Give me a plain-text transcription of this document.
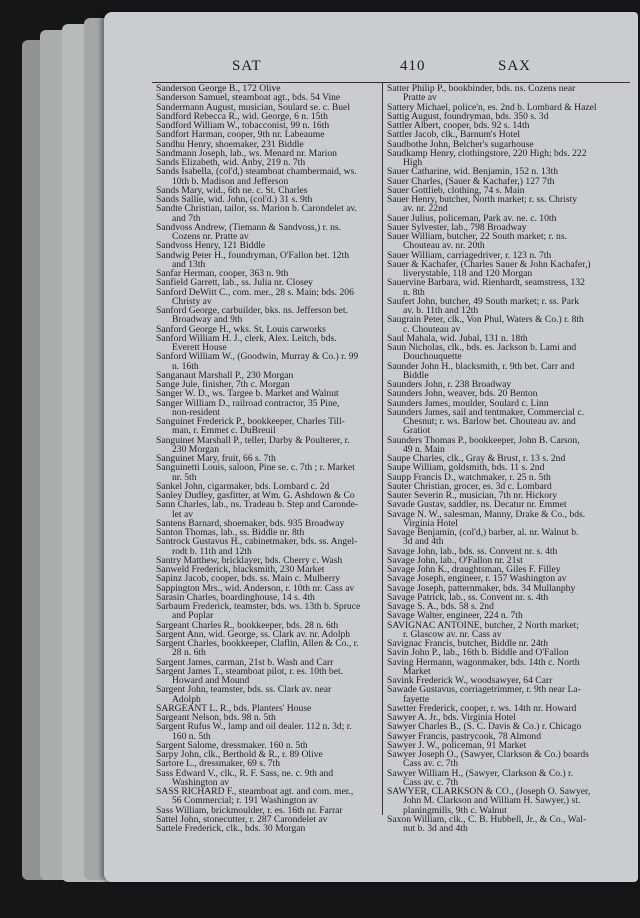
SAT	410	SAX
Sanderson George B., 172 Olive
Sanderson Samuel, steamboat agt., bds. 54 Vine
Sandermann August, musician, Soulard se. c. Buel
Sandford Rebecca R., wid. George, 6 n. 15th
Sandford William W., tobacconist, 99 n. 16th
Sandfort Harman, cooper, 9th nr. Labeaume
Sandhu Henry, shoemaker, 231 Biddle
Sandmann Joseph, lab., ws. Menard nr. Marion
Sands Elizabeth, wid. Anby, 219 n. 7th
Sands Isabella, (col'd,) steamboat chambermaid, ws.
10th b. Madison and Jefferson
Sands Mary, wid., 6th ne. c. St. Charles
Sands Sallie, wid. John, (col'd.) 31 s. 9th
Sandte Christian, tailor, ss. Marion b. Carondelet av.
and 7th
Sandvoss Andrew, (Tiemann & Sandvoss,) r. ns.
Cozens nr. Pratte av
Sandvoss Henry, 121 Biddle
Sandwig Peter H., foundryman, O'Fallon bet. 12th
and 13th
Sanfar Herman, cooper, 363 n. 9th
Sanfield Garrett, lab., ss. Julia nr. Closey
Sanford DeWitt C., com. mer., 28 s. Main; bds. 206
Christy av
Sanford George, carbuilder, bks. ns. Jefferson bet.
Broadway and 9th
Sanford George H., wks. St. Louis carworks
Sanford William H. J., clerk, Alex. Leitch, bds.
Everett House
Sanford William W., (Goodwin, Murray & Co.) r. 99
n. 16th
Sanganaut Marshall P., 230 Morgan
Sange Jule, finisher, 7th c. Morgan
Sanger W. D., ws. Targee b. Market and Walnut
Sanger William D., railroad contractor, 35 Pine,
non-resident
Sanguinet Frederick P., bookkeeper, Charles Till-
man, r. Emmet c. DuBreuil
Sanguinet Marshall P., teller, Darby & Poulterer, r.
230 Morgan
Sanguinet Mary, fruit, 66 s. 7th
Sanguinetti Louis, saloon, Pine se. c. 7th ; r. Market
nr. 5th
Sankel John, cigarmaker, bds. Lombard c. 2d
Sanley Dudley, gasfitter, at Wm. G. Ashdown & Co
Sann Charles, lab., ns. Tradeau b. Step and Caronde-
let av
Santens Barnard, shoemaker, bds. 935 Broadway
Santon Thomas, lab., ss. Biddle nr. 8th
Santrock Gustavus H., cabinetmaker, bds. ss. Angel-
rodt b. 11th and 12th
Santry Matthew, bricklayer, bds. Cherry c. Wash
Sanweld Frederick, blacksmith, 230 Market
Sapinz Jacob, cooper, bds. ss. Main c. Mulberry
Sappington Mrs., wid. Anderson, r. 10th nr. Cass av
Sarasin Charles, boardinghouse, 14 s. 4th
Sarbaum Frederick, teamster, bds. ws. 13th b. Spruce
and Poplar
Sargeant Charles R., bookkeeper, bds. 28 n. 6th
Sargent Ann, wid. George, ss. Clark av. nr. Adolph
Sargent Charles, bookkeeper, Claflin, Allen & Co., r.
28 n. 6th
Sargent James, carman, 21st b. Wash and Carr
Sargent James T., steamboat pilot, r. es. 10th bet.
Howard and Mound
Sargent John, teamster, bds. ss. Clark av. near
Adolph
SARGEANT L. R., bds. Planters' House
Sargeant Nelson, bds. 98 n. 5th
Sargent Rufus W., lamp and oil dealer. 112 n. 3d; r.
160 n. 5th
Sargent Salome, dressmaker. 160 n. 5th
Sarpy John, clk., Berthold & R., r. 89 Olive
Sartore L., dressmaker, 69 s. 7th
Sass Edward V., clk., R. F. Sass, ne. c. 9th and
Washington av
SASS RICHARD F., steamboat agt. and com. mer.,
56 Commercial; r. 191 Washington av
Sass William, brickmoulder, r. es. 16th nr. Farrar
Sattel John, stonecutter, r. 287 Carondelet av
Sattele Frederick, clk., bds. 30 Morgan
Satter Philip P., bookbinder, bds. ns. Cozens near
Pratte av
Sattery Michael, police'n, es. 2nd b. Lombard & Hazel
Sattig August, foundryman, bds. 350 s. 3d
Sattler Albert, cooper, bds. 92 s. 14th
Sattler Jacob, clk., Barnum's Hotel
Saudbothe John, Belcher's sugarhouse
Saudkamp Henry, clothingstore, 220 High; bds. 222
High
Sauer Catharine, wid. Benjamin, 152 n. 13th
Sauer Charles, (Sauer & Kachafer,) 127 7th
Sauer Gottlieb, clothing, 74 s. Main
Sauer Henry, butcher, North market; r. ss. Christy
av. nr. 22nd
Sauer Julius, policeman, Park av. ne. c. 10th
Sauer Sylvester, lab., 798 Broadway
Sauer William, butcher, 22 South market; r. ns.
Chouteau av. nr. 20th
Sauer William, carriagedriver, r. 123 n. 7th
Sauer & Kachafer, (Charles Sauer & John Kachafer,)
liverystable, 118 and 120 Morgan
Sauervine Barbara, wid. Rienhardt, seamstress, 132
n. 8th
Saufert John, butcher, 49 South market; r. ss. Park
av. b. 11th and 12th
Saugrain Peter, clk., Von Phul, Waters & Co.) r. 8th
c. Chouteau av
Saul Mahala, wid. Jubal, 131 n. 18th
Saun Nicholas, clk., bds. es. Jackson b. Lami and
Douchouquette
Saunder John H., blacksmith, r. 9th bet. Carr and
Biddle
Saunders John, r. 238 Broadway
Saunders John, weaver, bds. 20 Benton
Saunders James, moulder, Soulard c. Linn
Saunders James, sail and tentmaker, Commercial c.
Chesnut; r. ws. Barlow bet. Chouteau av. and
Gratiot
Saunders Thomas P., bookkeeper, John B. Carson,
49 n. Main
Saupe Charles, clk., Gray & Brust, r. 13 s. 2nd
Saupe William, goldsmith, bds. 11 s. 2nd
Saupp Francis D., watchmaker, r. 25 n. 5th
Sauter Christian, grocer, es. 3d c. Lombard
Sauter Severin R., musician, 7th nr. Hickory
Savade Gustav, saddler, ns. Decatur nr. Emmet
Savage N. W., salesman, Manny, Drake & Co., bds.
Virginia Hotel
Savage Benjamin, (col'd,) barber, al. nr. Walnut b.
3d and 4th
Savage John, lab., bds. ss. Convent nr. s. 4th
Savage John, lab., O'Fallon nr. 21st
Savage John K., draughtsman, Giles F. Filley
Savage Joseph, engineer, r. 157 Washington av
Savage Joseph, patternmaker, bds. 34 Mullanphy
Savage Patrick, lab., ss. Convent nr. s. 4th
Savage S. A., bds. 58 s. 2nd
Savage Walter, engineer, 224 n. 7th
SAVIGNAC ANTOINE, butcher, 2 North market;
r. Glascow av. nr. Cass av
Savignac Francis, butcher, Biddle nr. 24th
Savin John P., lab., 16th b. Biddle and O'Fallon
Saving Hermann, wagonmaker, bds. 14th c. North
Market
Savink Frederick W., woodsawyer, 64 Carr
Sawade Gustavus, corriagetrimmer, r. 9th near La-
fayette
Sawtter Frederick, cooper, r. ws. 14th nr. Howard
Sawyer A. Jr., bds. Virginia Hotel
Sawyer Charles B., (S. C. Davis & Co.) r. Chicago
Sawyer Francis, pastrycook, 78 Almond
Sawyer J. W., policeman, 91 Market
Sawyer Joseph O., (Sawyer, Clarkson & Co.) boards
Cass av. c. 7th
Sawyer William H., (Sawyer, Clarkson & Co.) r.
Cass av. c. 7th
SAWYER, CLARKSON & CO., (Joseph O. Sawyer,
John M. Clarkson and William H. Sawyer,) st.
planingmills, 9th c. Walnut
Saxon William, clk., C. B. Hubbell, Jr., & Co., Wal-
nut b. 3d and 4th
